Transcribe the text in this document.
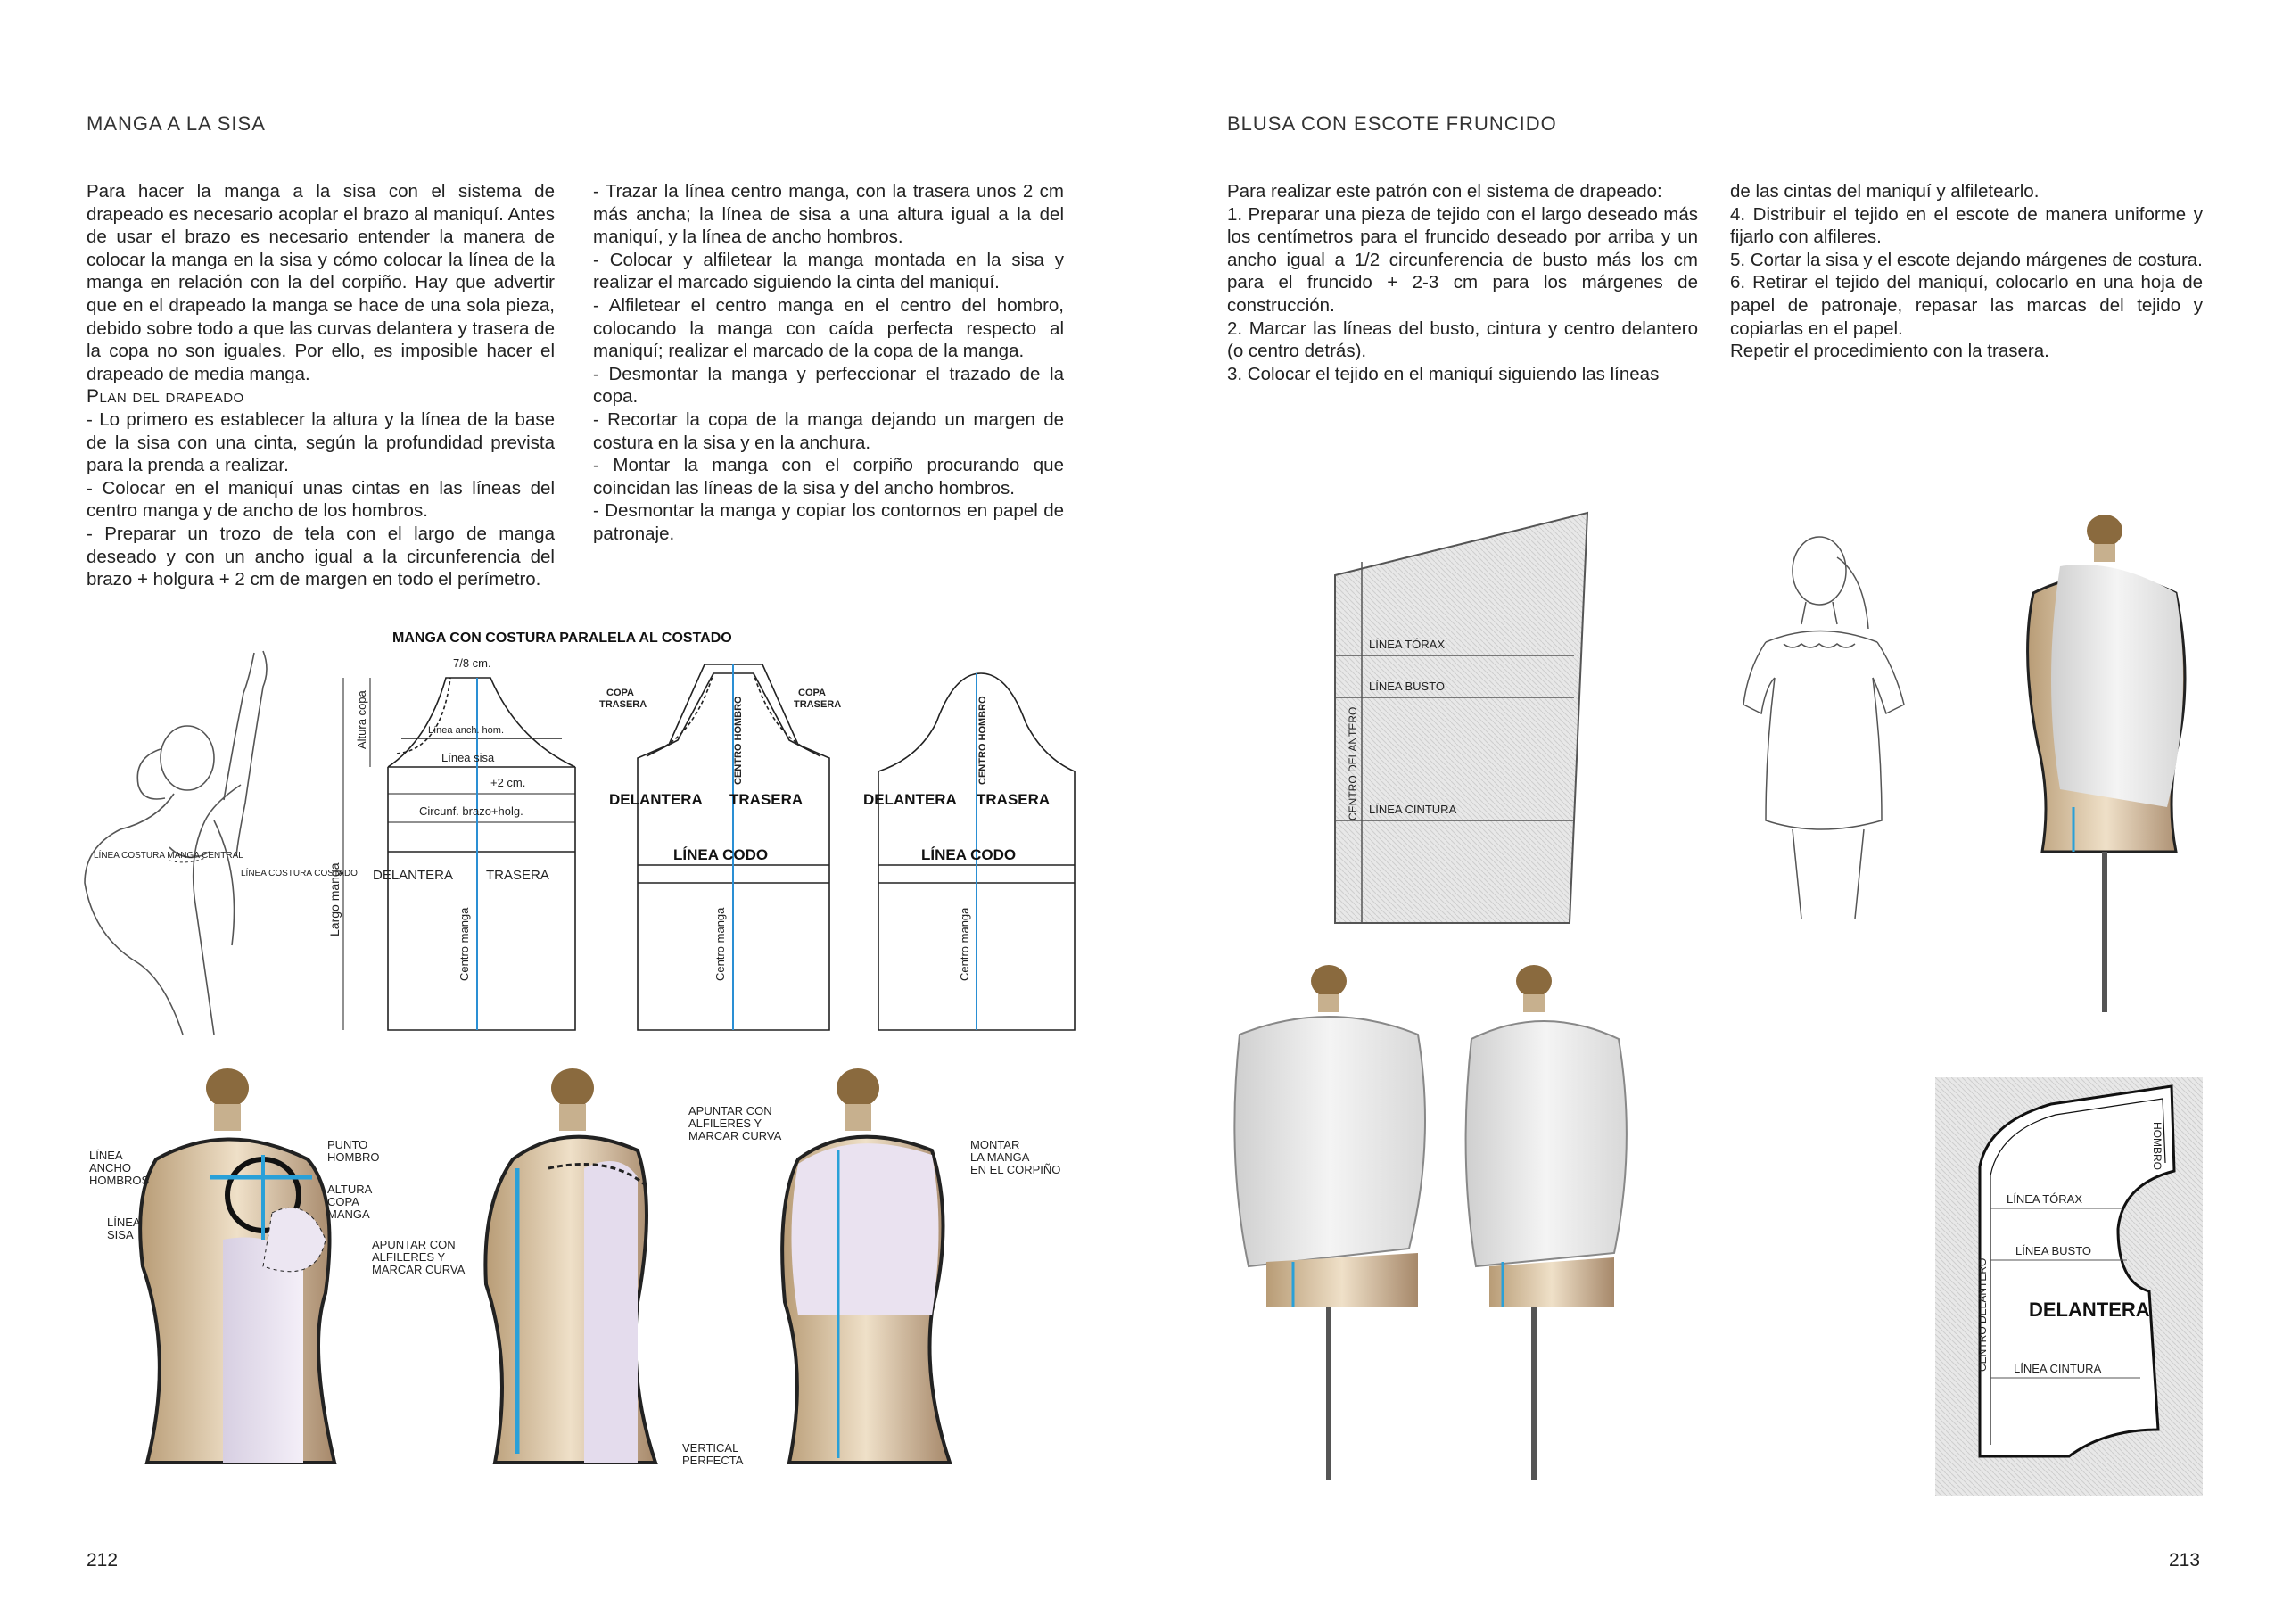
MANGA A LA SISA

Para hacer la manga a la sisa con el sistema de drapeado es necesario acoplar el brazo al maniquí. Antes de usar el brazo es necesario entender la manera de colocar la manga en la sisa y cómo colocar la línea de la manga en relación con la del corpiño. Hay que advertir que en el drapeado la manga se hace de una sola pieza, debido sobre todo a que las curvas delantera y trasera de la copa no son iguales. Por ello, es imposible hacer el drapeado de media manga.

Plan del drapeado

- Lo primero es establecer la altura y la línea de la base de la sisa con una cinta, según la profundidad prevista para la prenda a realizar.

- Colocar en el maniquí unas cintas en las líneas del centro manga y de ancho de los hombros.

- Preparar un trozo de tela con el largo de manga deseado y con un ancho igual a la circunferencia del brazo + holgura + 2 cm de margen en todo el perímetro.

- Trazar la línea centro manga, con la trasera unos 2 cm más ancha; la línea de sisa a una altura igual a la del maniquí, y la línea de ancho hombros.

- Colocar y alfiletear la manga montada en la sisa y realizar el marcado siguiendo la cinta del maniquí.

- Alfiletear el centro manga en el centro del hombro, colocando la manga con caída perfecta respecto al maniquí; realizar el marcado de la copa de la manga.

- Desmontar la manga y perfeccionar el trazado de la copa.

- Recortar la copa de la manga dejando un margen de costura en la sisa y en la anchura.

- Montar la manga con el corpiño procurando que coincidan las líneas de la sisa y del ancho hombros.

- Desmontar la manga y copiar los contornos en papel de patronaje.

LÍNEA COSTURA MANGA CENTRAL
LÍNEA COSTURA COSTADO
MANGA CON COSTURA PARALELA AL COSTADO
7/8 cm.
Altura copa	Línea anch. hom.
Línea sisa
+2 cm.
Circunf. brazo+holg.
Largo manga DELANTERA TRASERA
Centro manga
COPA TRASERA
COPA TRASERA
CENTRO HOMBRO
DELANTERA TRASERA
LÍNEA CODO
Centro manga
CENTRO HOMBRO
DELANTERA TRASERA
LÍNEA CODO
Centro manga
LÍNEA ANCHO HOMBROS
LÍNEA SISA
PUNTO HOMBRO
ALTURA COPA MANGA
APUNTAR CON ALFILERES Y MARCAR CURVA
APUNTAR CON ALFILERES Y MARCAR CURVA
VERTICAL PERFECTA
MONTAR LA MANGA EN EL CORPIÑO
212
BLUSA CON ESCOTE FRUNCIDO

Para realizar este patrón con el sistema de drapeado:

1. Preparar una pieza de tejido con el largo deseado más los centímetros para el fruncido deseado por arriba y un ancho igual a 1/2 circunferencia de busto más los cm para el fruncido + 2-3 cm para los márgenes de construcción.

2. Marcar las líneas del busto, cintura y centro delantero (o centro detrás).

3. Colocar el tejido en el maniquí siguiendo las líneas

de las cintas del maniquí y alfiletearlo.

4. Distribuir el tejido en el escote de manera uniforme y fijarlo con alfileres.

5. Cortar la sisa y el escote dejando márgenes de costura.

6. Retirar el tejido del maniquí, colocarlo en una hoja de papel de patronaje, repasar las marcas del tejido y copiarlas en el papel.

Repetir el procedimiento con la trasera.

LÍNEA TÓRAX
LÍNEA BUSTO
LÍNEA CINTURA
CENTRO DELANTERO
LÍNEA TÓRAX
LÍNEA BUSTO
LÍNEA CINTURA
DELANTERA
CENTRO DELANTERO
HOMBRO
213
